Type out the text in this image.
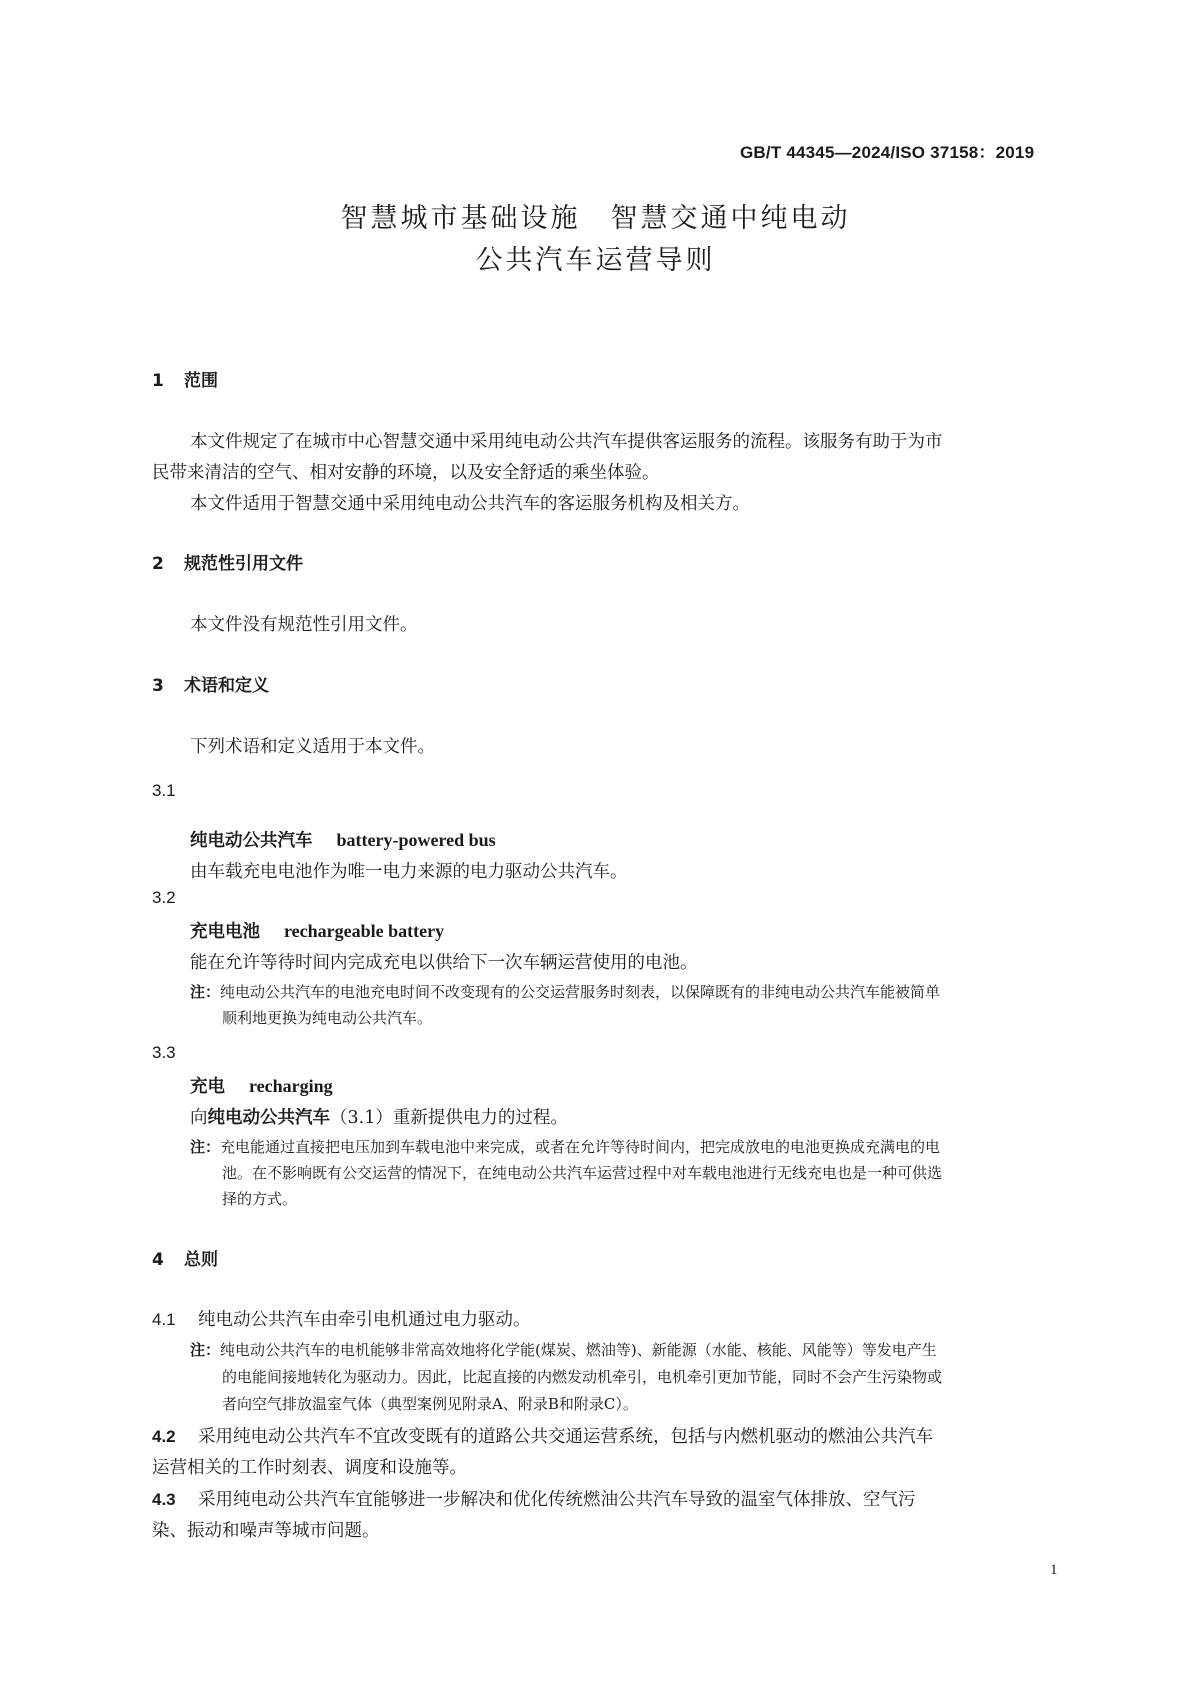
GB/T 44345—2024/ISO 37158：2019
智慧城市基础设施　智慧交通中纯电动
公共汽车运营导则
1 范围
本文件规定了在城市中心智慧交通中采用纯电动公共汽车提供客运服务的流程。该服务有助于为市
民带来清洁的空气、相对安静的环境，以及安全舒适的乘坐体验。
本文件适用于智慧交通中采用纯电动公共汽车的客运服务机构及相关方。
2 规范性引用文件
本文件没有规范性引用文件。
3 术语和定义
下列术语和定义适用于本文件。
3.1
纯电动公共汽车 battery-powered bus
由车载充电电池作为唯一电力来源的电力驱动公共汽车。
3.2
充电电池 rechargeable battery
能在允许等待时间内完成充电以供给下一次车辆运营使用的电池。
注：纯电动公共汽车的电池充电时间不改变现有的公交运营服务时刻表，以保障既有的非纯电动公共汽车能被简单
顺利地更换为纯电动公共汽车。
3.3
充电 recharging
向纯电动公共汽车（3.1）重新提供电力的过程。
注：充电能通过直接把电压加到车载电池中来完成，或者在允许等待时间内，把完成放电的电池更换成充满电的电
池。在不影响既有公交运营的情况下，在纯电动公共汽车运营过程中对车载电池进行无线充电也是一种可供选
择的方式。
4 总则
4.1 纯电动公共汽车由牵引电机通过电力驱动。
注：纯电动公共汽车的电机能够非常高效地将化学能(煤炭、燃油等)、新能源（水能、核能、风能等）等发电产生
的电能间接地转化为驱动力。因此，比起直接的内燃发动机牵引，电机牵引更加节能，同时不会产生污染物或
者向空气排放温室气体（典型案例见附录A、附录B和附录C）。
4.2 采用纯电动公共汽车不宜改变既有的道路公共交通运营系统，包括与内燃机驱动的燃油公共汽车
运营相关的工作时刻表、调度和设施等。
4.3 采用纯电动公共汽车宜能够进一步解决和优化传统燃油公共汽车导致的温室气体排放、空气污
染、振动和噪声等城市问题。
1
